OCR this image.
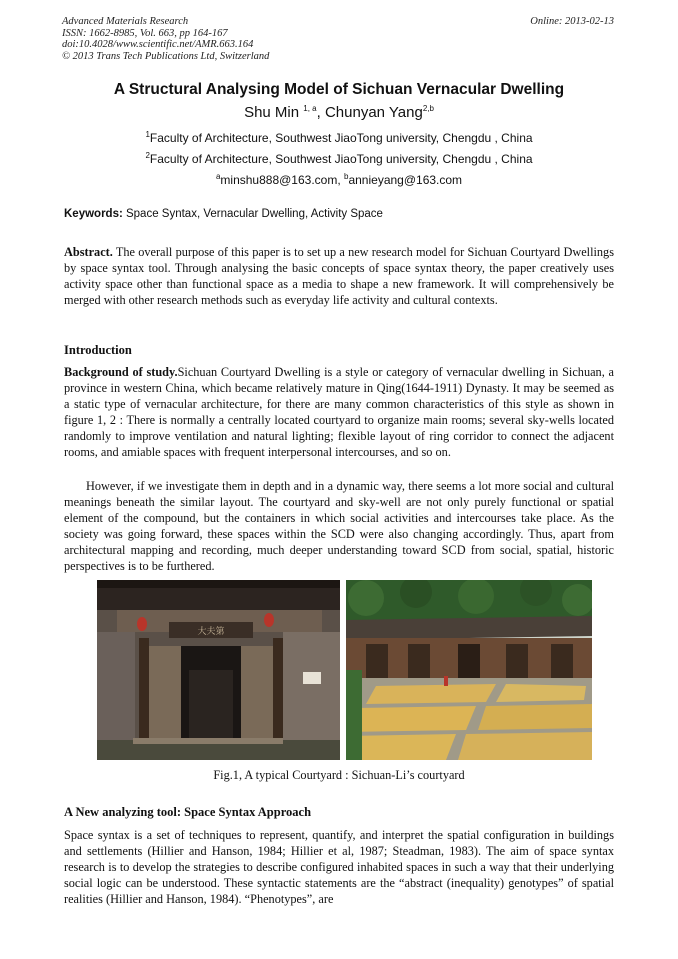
Advanced Materials Research
ISSN: 1662-8985, Vol. 663, pp 164-167
doi:10.4028/www.scientific.net/AMR.663.164
© 2013 Trans Tech Publications Ltd, Switzerland
Online: 2013-02-13
A Structural Analysing Model of Sichuan Vernacular Dwelling
Shu Min $^{1, a}$, Chunyan Yang$^{2,b}$
$^1$Faculty of Architecture, Southwest JiaoTong university, Chengdu , China
$^2$Faculty of Architecture, Southwest JiaoTong university, Chengdu , China
$^a$minshu888@163.com, $^b$annieyang@163.com
Keywords: Space Syntax, Vernacular Dwelling, Activity Space
Abstract. The overall purpose of this paper is to set up a new research model for Sichuan Courtyard Dwellings by space syntax tool. Through analysing the basic concepts of space syntax theory, the paper creatively uses activity space other than functional space as a media to shape a new framework. It will comprehensively be merged with other research methods such as everyday life activity and cultural contexts.
Introduction
Background of study.Sichuan Courtyard Dwelling is a style or category of vernacular dwelling in Sichuan, a province in western China, which became relatively mature in Qing(1644-1911) Dynasty. It may be seemed as a static type of vernacular architecture, for there are many common characteristics of this style as shown in figure 1, 2 : There is normally a centrally located courtyard to organize main rooms; several sky-wells located randomly to improve ventilation and natural lighting; flexible layout of ring corridor to connect the adjacent rooms, and amiable spaces with frequent interpersonal intercourses, and so on.
However, if we investigate them in depth and in a dynamic way, there seems a lot more social and cultural meanings beneath the similar layout. The courtyard and sky-well are not only purely functional or spatial element of the compound, but the containers in which social activities and intercourses take place. As the society was going forward, these spaces within the SCD were also changing accordingly. Thus, apart from architectural mapping and recording, much deeper understanding toward SCD from social, spatial, historic perspectives is to be furthered.
大夫第
Fig.1, A typical Courtyard : Sichuan-Li’s courtyard
A New analyzing tool: Space Syntax Approach
Space syntax is a set of techniques to represent, quantify, and interpret the spatial configuration in buildings and settlements (Hillier and Hanson, 1984; Hillier et al, 1987; Steadman, 1983). The aim of space syntax research is to develop the strategies to describe configured inhabited spaces in such a way that their underlying social logic can be understood. These syntactic statements are the “abstract (inequality) genotypes” of spatial realities (Hillier and Hanson, 1984). “Phenotypes”, are
